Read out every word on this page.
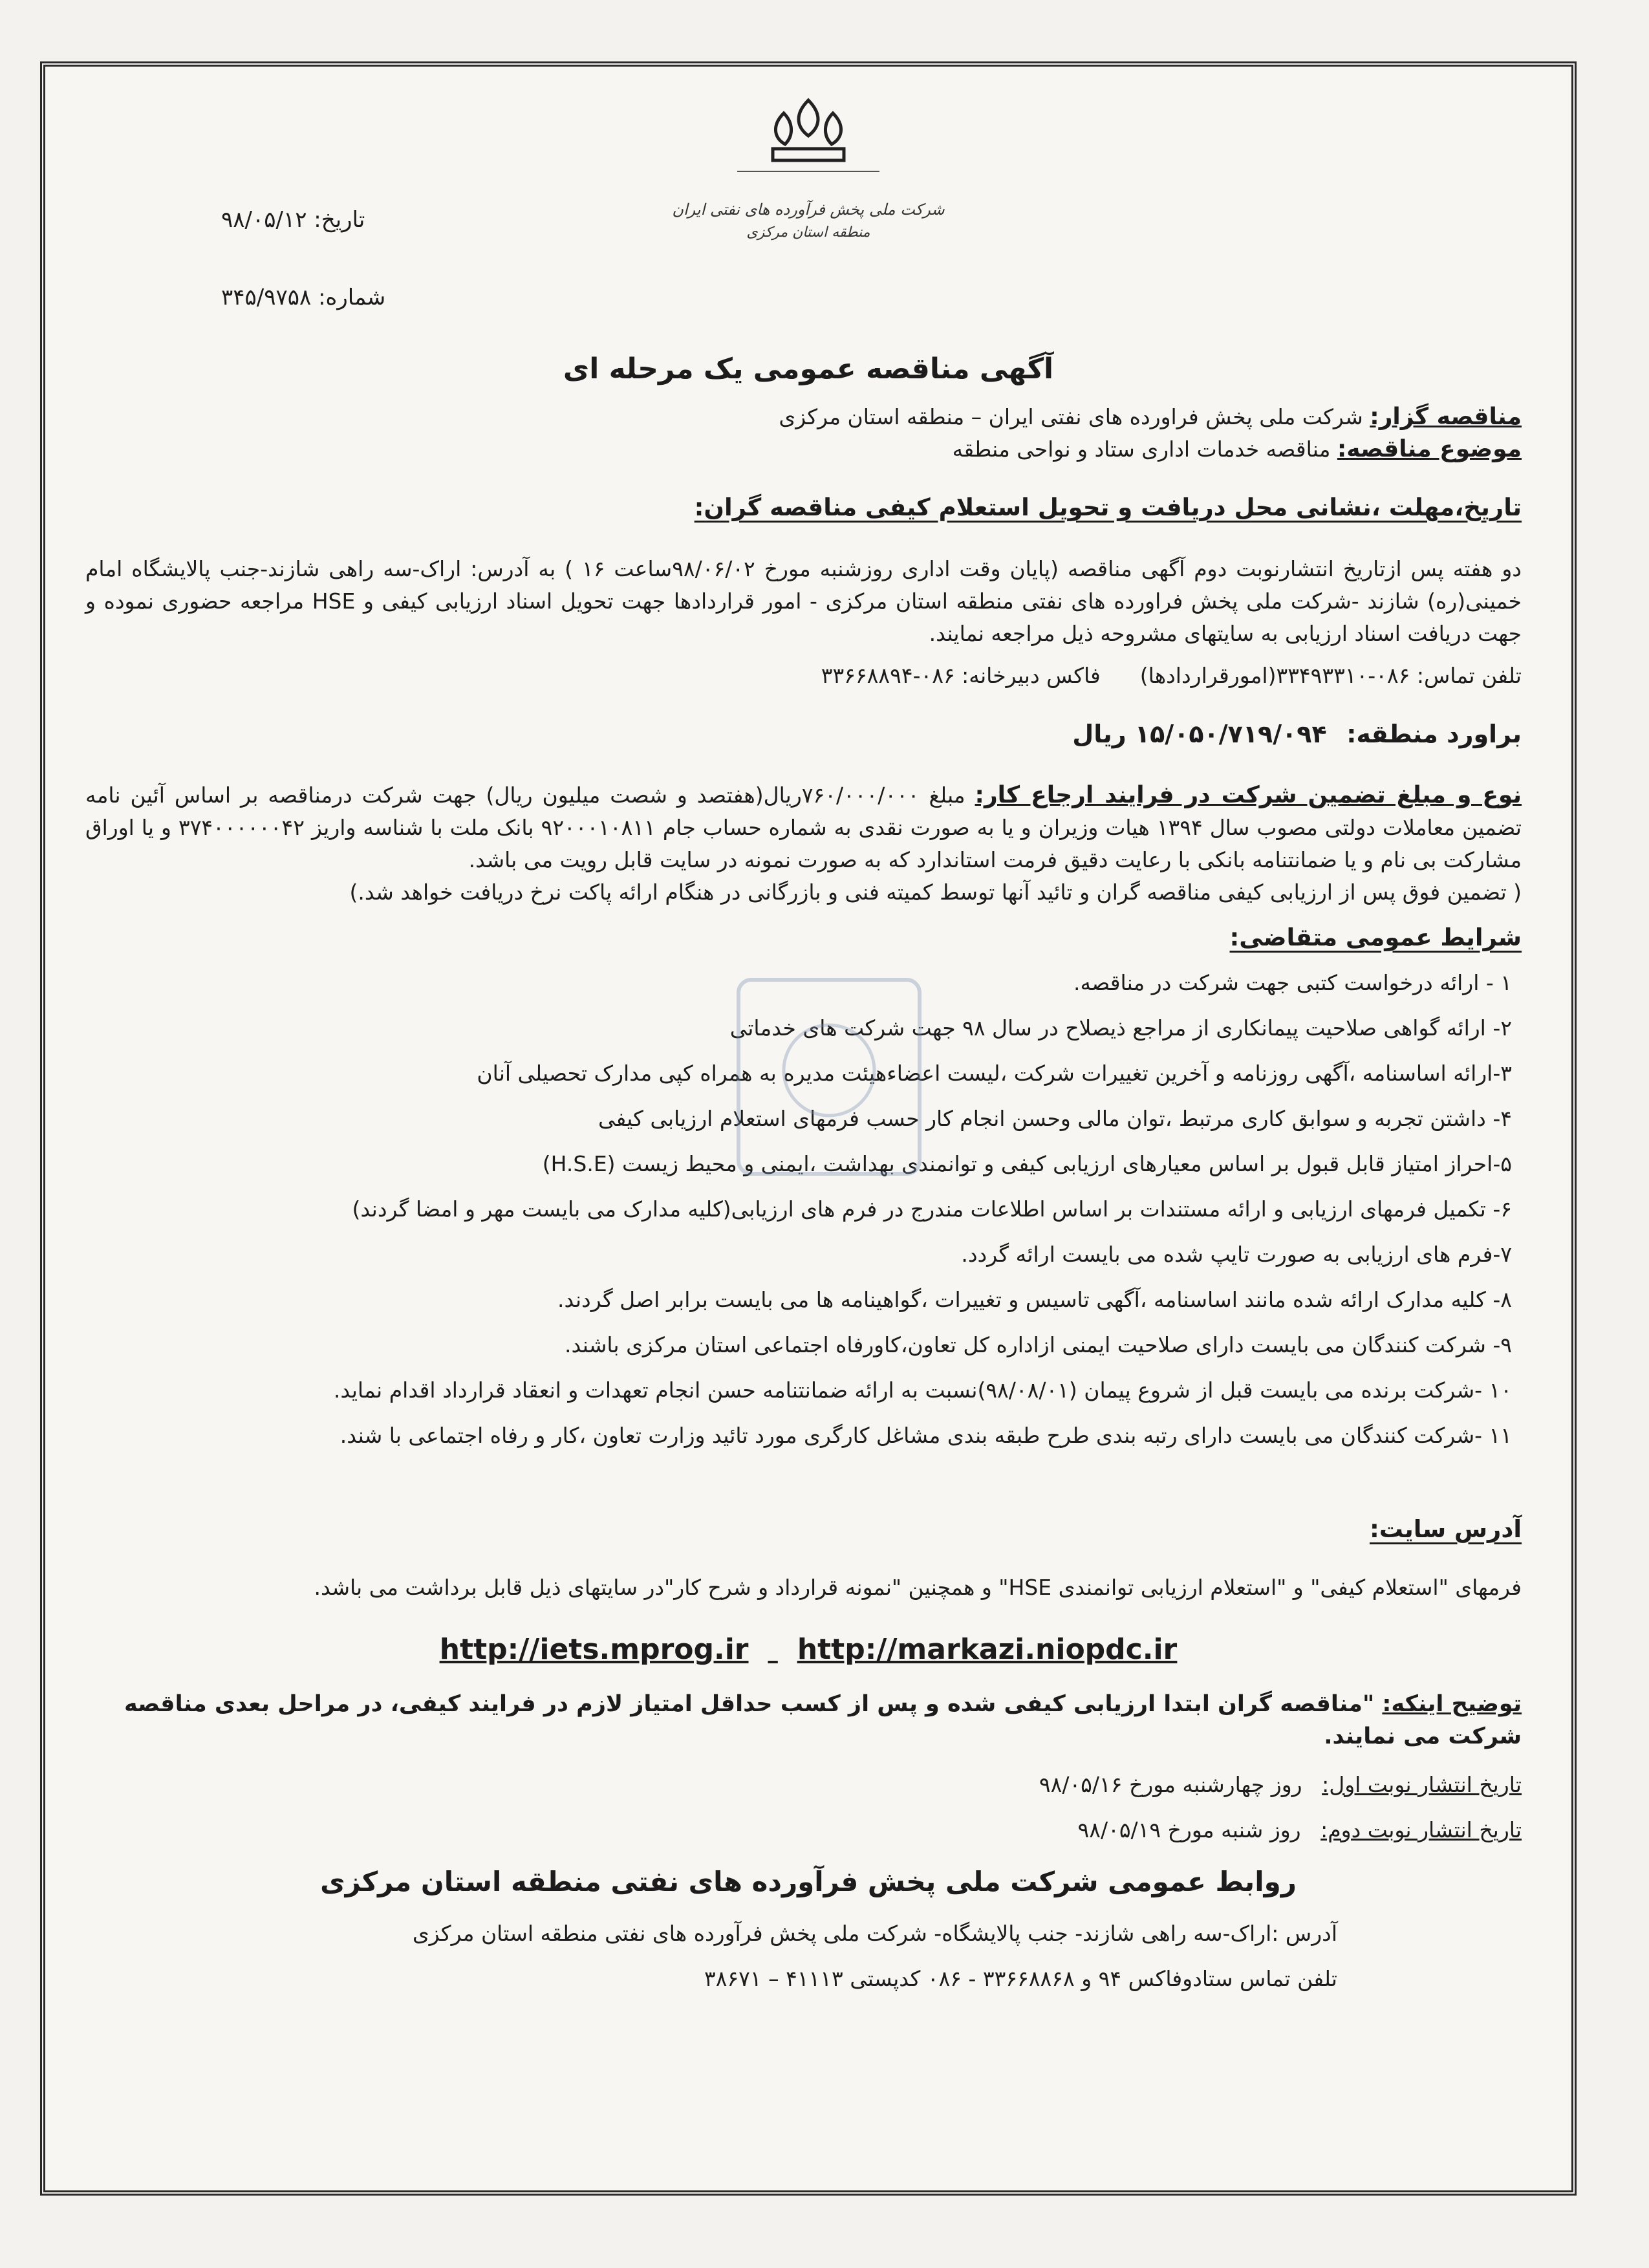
شرکت ملی پخش فرآورده های نفتی ایران
منطقه استان مرکزی
تاریخ: ۹۸/۰۵/۱۲
شماره: ۳۴۵/۹۷۵۸
آگهی مناقصه عمومی یک مرحله ای
مناقصه گزار: شرکت ملی پخش فراورده های نفتی ایران – منطقه استان مرکزی
موضوع مناقصه: مناقصه خدمات اداری ستاد و نواحی منطقه
تاریخ،مهلت ،نشانی محل دریافت و تحویل استعلام کیفی مناقصه گران:
دو هفته پس ازتاریخ انتشارنوبت دوم آگهی مناقصه (پایان وقت اداری روزشنبه مورخ ۹۸/۰۶/۰۲ساعت ۱۶ ) به آدرس: اراک-سه راهی شازند-جنب پالایشگاه امام خمینی(ره) شازند -شرکت ملی پخش فراورده های نفتی منطقه استان مرکزی - امور قراردادها جهت تحویل اسناد ارزیابی کیفی و HSE مراجعه حضوری نموده و جهت دریافت اسناد ارزیابی به سایتهای مشروحه ذیل مراجعه نمایند.
تلفن تماس: ۰۸۶-۳۳۴۹۳۳۱۰(امورقراردادها)  فاکس دبیرخانه: ۰۸۶-۳۳۶۶۸۸۹۴
براورد منطقه: ۱۵/۰۵۰/۷۱۹/۰۹۴ ریال
نوع و مبلغ تضمین شرکت در فرایند ارجاع کار: مبلغ ۷۶۰/۰۰۰/۰۰۰ریال(هفتصد و شصت میلیون ریال) جهت شرکت درمناقصه بر اساس آئین نامه تضمین معاملات دولتی مصوب سال ۱۳۹۴ هیات وزیران و یا به صورت نقدی به شماره حساب جام ۹۲۰۰۰۱۰۸۱۱ بانک ملت با شناسه واریز ۳۷۴۰۰۰۰۰۰۴۲ و یا اوراق مشارکت بی نام و یا ضمانتنامه بانکی با رعایت دقیق فرمت استاندارد که به صورت نمونه در سایت قابل رویت می باشد.
( تضمین فوق پس از ارزیابی کیفی مناقصه گران و تائید آنها توسط کمیته فنی و بازرگانی در هنگام ارائه پاکت نرخ دریافت خواهد شد.)
شرایط عمومی متقاضی:
۱ - ارائه درخواست کتبی جهت شرکت در مناقصه.
۲- ارائه گواهی صلاحیت پیمانکاری از مراجع ذیصلاح در سال ۹۸ جهت شرکت های خدماتی
۳-ارائه اساسنامه ،آگهی روزنامه و آخرین تغییرات شرکت ،لیست اعضاءهیئت مدیره به همراه کپی مدارک تحصیلی آنان
۴- داشتن تجربه و سوابق کاری مرتبط ،توان مالی وحسن انجام کار حسب فرمهای استعلام ارزیابی کیفی
۵-احراز امتیاز قابل قبول بر اساس معیارهای ارزیابی کیفی و توانمندی بهداشت ،ایمنی و محیط زیست (H.S.E)
۶- تکمیل فرمهای ارزیابی و ارائه مستندات بر اساس اطلاعات مندرج در فرم های ارزیابی(کلیه مدارک می بایست مهر و امضا گردند)
۷-فرم های ارزیابی به صورت تایپ شده می بایست ارائه گردد.
۸- کلیه مدارک ارائه شده مانند اساسنامه ،آگهی تاسیس و تغییرات ،گواهینامه ها می بایست برابر اصل گردند.
۹- شرکت کنندگان می بایست دارای صلاحیت ایمنی ازاداره کل تعاون،کاورفاه اجتماعی استان مرکزی باشند.
۱۰ -شرکت برنده می بایست قبل از شروع پیمان (۹۸/۰۸/۰۱)نسبت به ارائه ضمانتنامه حسن انجام تعهدات و انعقاد قرارداد اقدام نماید.
۱۱ -شرکت کنندگان می بایست دارای رتبه بندی طرح طبقه بندی مشاغل کارگری مورد تائید وزارت تعاون ،کار و رفاه اجتماعی با شند.
آدرس سایت:
فرمهای "استعلام کیفی" و "استعلام ارزیابی توانمندی HSE" و همچنین "نمونه قرارداد و شرح کار"در سایتهای ذیل قابل برداشت می باشد.
http://iets.mprog.ir http://markazi.niopdc.ir
توضیح اینکه: "مناقصه گران ابتدا ارزیابی کیفی شده و پس از کسب حداقل امتیاز لازم در فرایند کیفی، در مراحل بعدی مناقصه شرکت می نمایند.
تاریخ انتشار نوبت اول: روز چهارشنبه مورخ ۹۸/۰۵/۱۶
تاریخ انتشار نوبت دوم: روز شنبه مورخ ۹۸/۰۵/۱۹
روابط عمومی شرکت ملی پخش فرآورده های نفتی منطقه استان مرکزی
آدرس :اراک-سه راهی شازند- جنب پالایشگاه- شرکت ملی پخش فرآورده های نفتی منطقه استان مرکزی
تلفن تماس ستادوفاکس ۹۴ و ۳۳۶۶۸۸۶۸ - ۰۸۶ کدپستی ۴۱۱۱۳ – ۳۸۶۷۱
